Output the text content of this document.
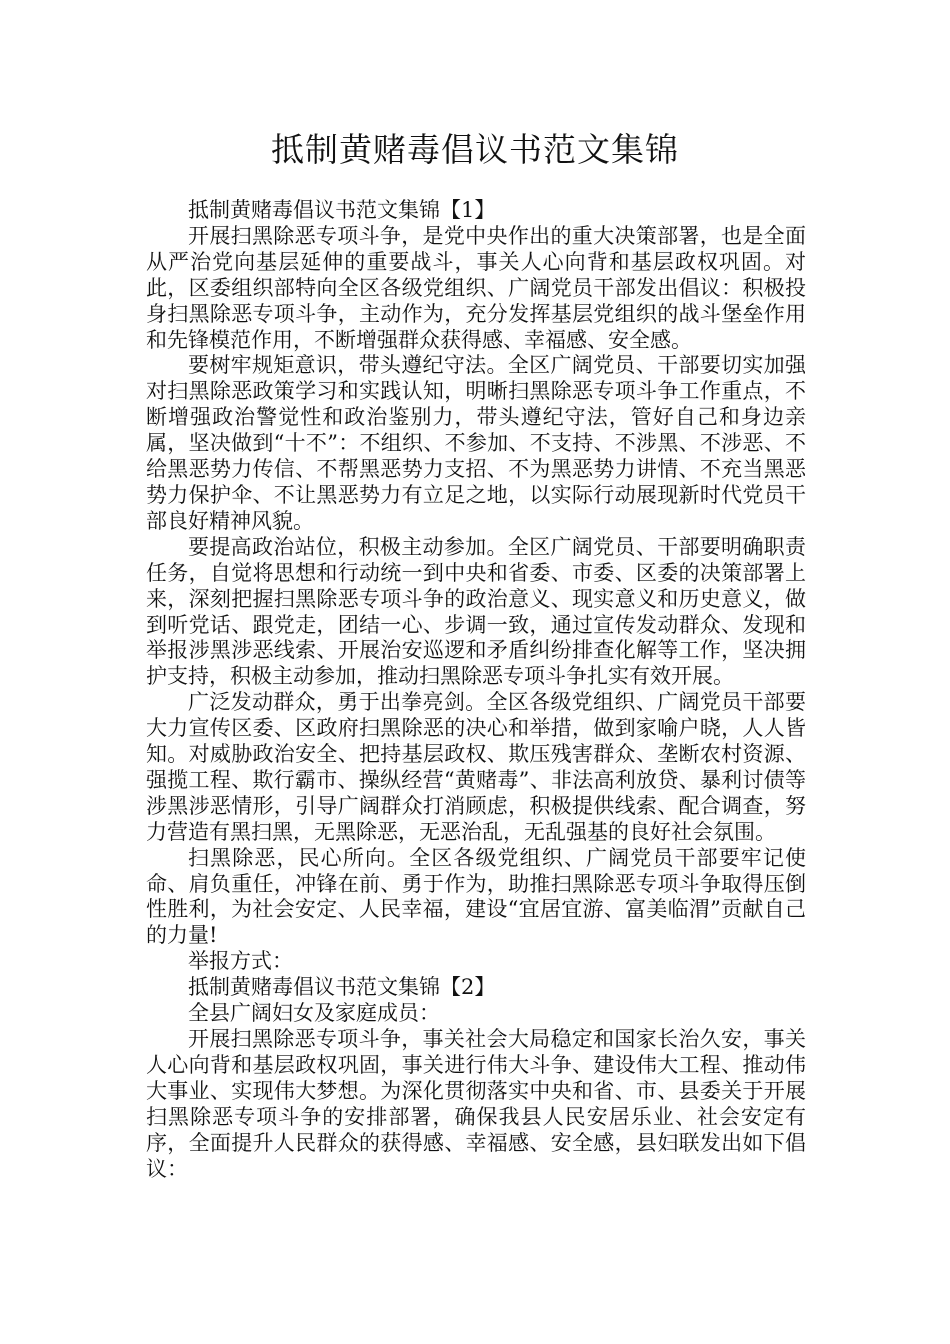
抵制黄赌毒倡议书范文集锦

抵制黄赌毒倡议书范文集锦【1】

开展扫黑除恶专项斗争，是党中央作出的重大决策部署，也是全面从严治党向基层延伸的重要战斗，事关人心向背和基层政权巩固。对此，区委组织部特向全区各级党组织、广阔党员干部发出倡议：积极投身扫黑除恶专项斗争，主动作为，充分发挥基层党组织的战斗堡垒作用和先锋模范作用，不断增强群众获得感、幸福感、安全感。

要树牢规矩意识，带头遵纪守法。全区广阔党员、干部要切实加强对扫黑除恶政策学习和实践认知，明晰扫黑除恶专项斗争工作重点，不断增强政治警觉性和政治鉴别力，带头遵纪守法，管好自己和身边亲属，坚决做到“十不”：不组织、不参加、不支持、不涉黑、不涉恶、不给黑恶势力传信、不帮黑恶势力支招、不为黑恶势力讲情、不充当黑恶势力保护伞、不让黑恶势力有立足之地，以实际行动展现新时代党员干部良好精神风貌。

要提高政治站位，积极主动参加。全区广阔党员、干部要明确职责任务，自觉将思想和行动统一到中央和省委、市委、区委的决策部署上来，深刻把握扫黑除恶专项斗争的政治意义、现实意义和历史意义，做到听党话、跟党走，团结一心、步调一致，通过宣传发动群众、发现和举报涉黑涉恶线索、开展治安巡逻和矛盾纠纷排查化解等工作，坚决拥护支持，积极主动参加，推动扫黑除恶专项斗争扎实有效开展。

广泛发动群众，勇于出拳亮剑。全区各级党组织、广阔党员干部要大力宣传区委、区政府扫黑除恶的决心和举措，做到家喻户晓，人人皆知。对威胁政治安全、把持基层政权、欺压残害群众、垄断农村资源、强揽工程、欺行霸市、操纵经营“黄赌毒”、非法高利放贷、暴利讨债等涉黑涉恶情形，引导广阔群众打消顾虑，积极提供线索、配合调查，努力营造有黑扫黑，无黑除恶，无恶治乱，无乱强基的良好社会氛围。

扫黑除恶，民心所向。全区各级党组织、广阔党员干部要牢记使命、肩负重任，冲锋在前、勇于作为，助推扫黑除恶专项斗争取得压倒性胜利，为社会安定、人民幸福，建设“宜居宜游、富美临渭”贡献自己的力量!

举报方式：

抵制黄赌毒倡议书范文集锦【2】

全县广阔妇女及家庭成员：

开展扫黑除恶专项斗争，事关社会大局稳定和国家长治久安，事关人心向背和基层政权巩固，事关进行伟大斗争、建设伟大工程、推动伟大事业、实现伟大梦想。为深化贯彻落实中央和省、市、县委关于开展扫黑除恶专项斗争的安排部署，确保我县人民安居乐业、社会安定有序，全面提升人民群众的获得感、幸福感、安全感，县妇联发出如下倡议：
